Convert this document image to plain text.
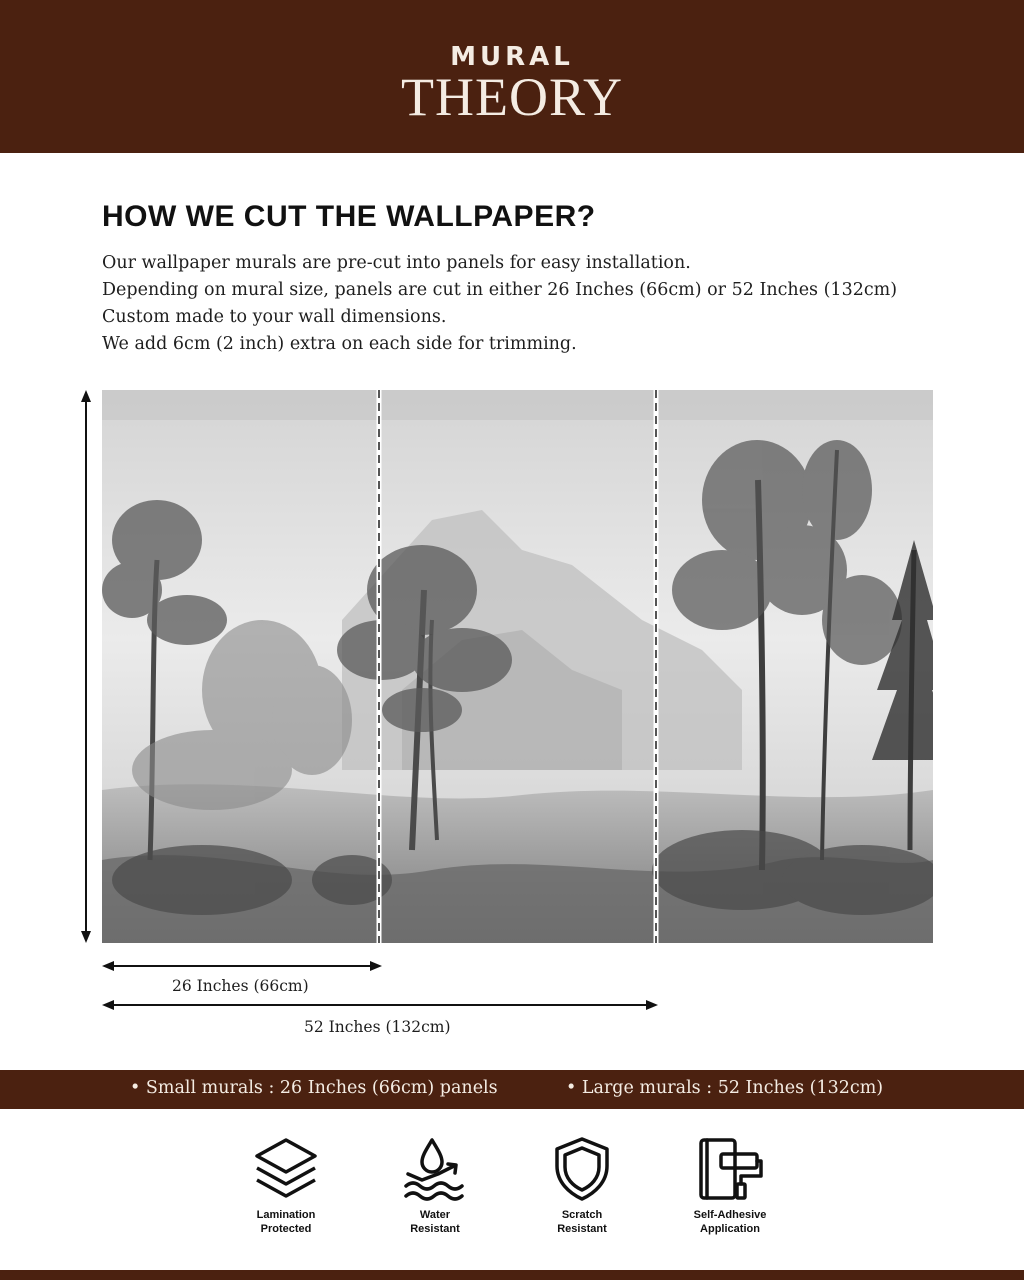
MURAL
THEORY
HOW WE CUT THE WALLPAPER?
Our wallpaper murals are pre-cut into panels for easy installation.
Depending on mural size, panels are cut in either 26 Inches (66cm) or 52 Inches (132cm)
Custom made to your wall dimensions.
We add 6cm (2 inch) extra on each side for trimming.
26 Inches (66cm)
52 Inches (132cm)
• Small murals : 26 Inches (66cm) panels	• Large murals : 52 Inches (132cm)
Lamination
Protected
Water
Resistant
Scratch
Resistant
Self-Adhesive
Application
